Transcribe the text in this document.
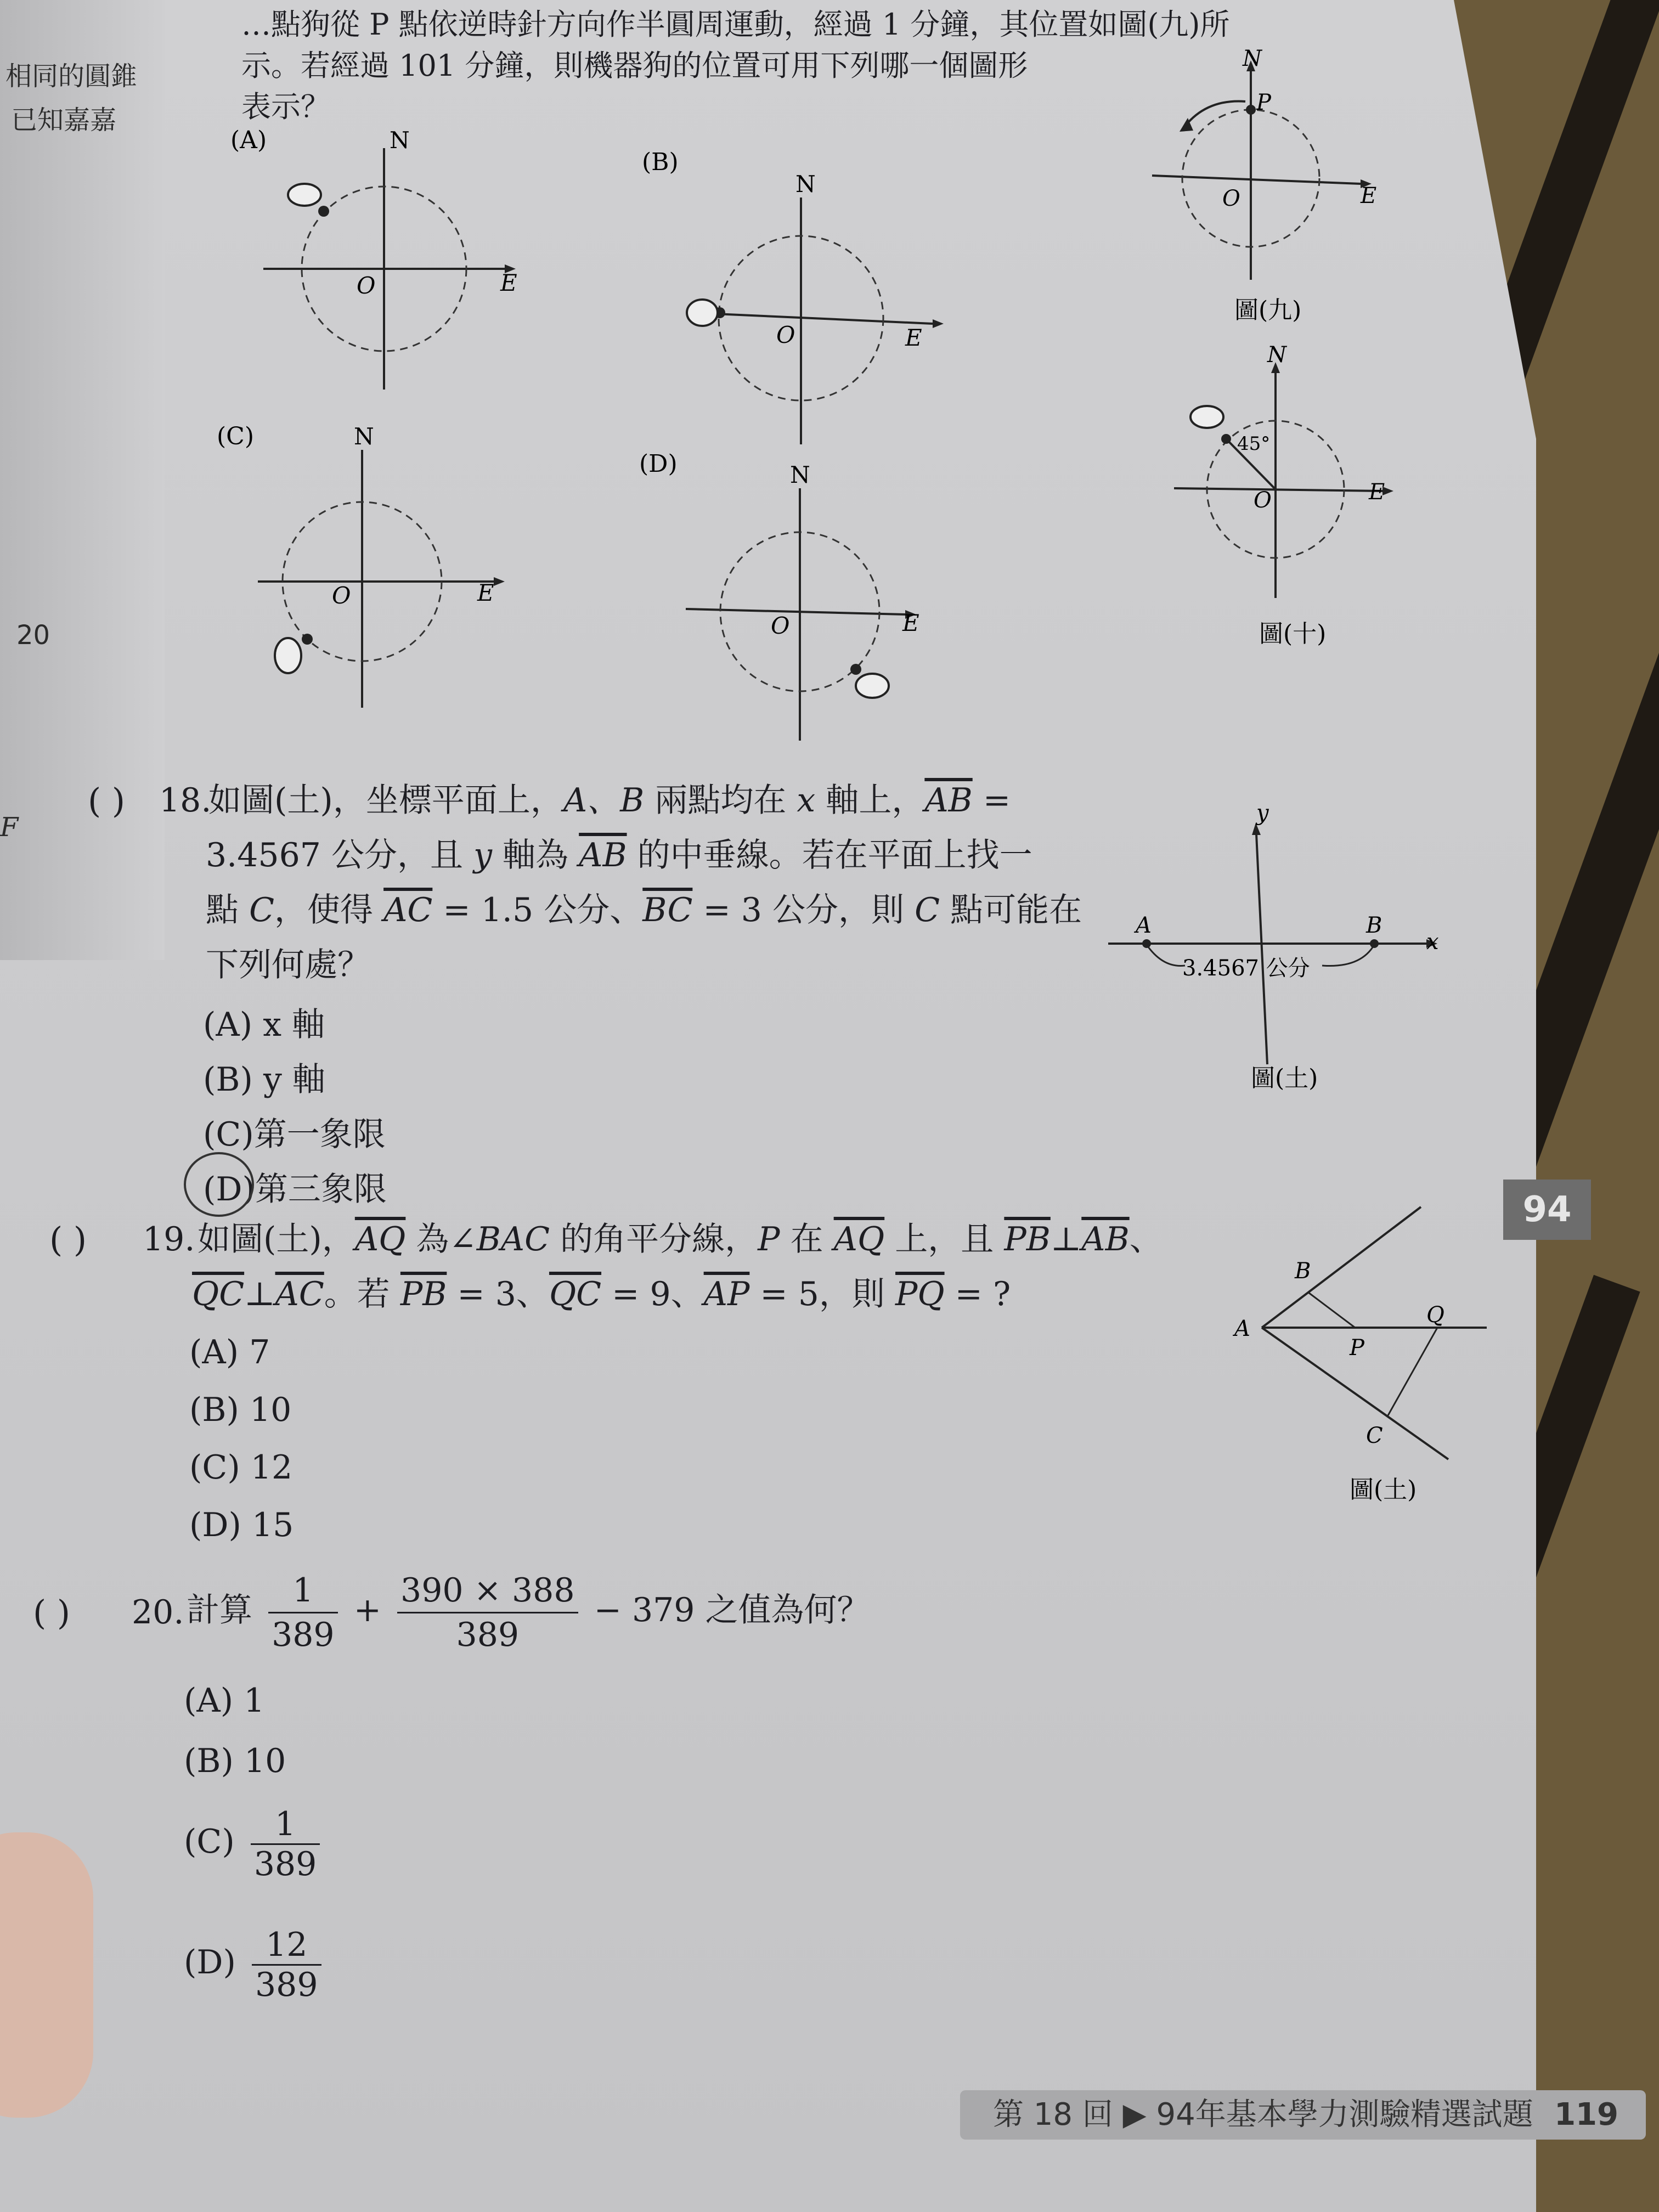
相同的圓錐
已知嘉嘉
20
F
…點狗從 P 點依逆時針方向作半圓周運動，經過 1 分鐘，其位置如圖(九)所
示。若經過 101 分鐘，則機器狗的位置可用下列哪一個圖形
表示？
(A)	N
E
O
(B)
N
E
O
(C)	N
E
O
(D)	N
E
O
N
P
E
O
圖(九)
N
45°
E
O
圖(十)
( ) 18.
如圖(土)，坐標平面上，A、B 兩點均在 x 軸上，$\overline{AB}$ =
3.4567 公分，且 y 軸為 $\overline{AB}$ 的中垂線。若在平面上找一
點 C，使得 $\overline{AC} = 1.5$ 公分、$\overline{BC} = 3$ 公分，則 C 點可能在
下列何處？
(A) x 軸
(B) y 軸
(C)第一象限
(D)第三象限
y
x
A	B
3.4567 公分
圖(土)
( ) 19. 如圖(土)，$\overline{AQ}$ 為∠BAC 的角平分線，P 在 $\overline{AQ}$ 上，且 $\overline{PB}\perp\overline{AB}$、
$\overline{QC}\perp\overline{AC}$。若 $\overline{PB} = 3$、$\overline{QC} = 9$、$\overline{AP} = 5$，則 $\overline{PQ}$ = ?
(A) 7
(B) 10
(C) 12
(D) 15
B
A
P
Q
C
圖(土)
( ) 20. 計算 $\frac{1}{389} + \frac{390 \times 388}{389} - 379$ 之值為何？
(A) 1
(B) 10
$(C) \frac{1}{389}$
$(D) \frac{12}{389}$
94
第 18 回 ▶ 94年基本學力測驗精選試題 119
